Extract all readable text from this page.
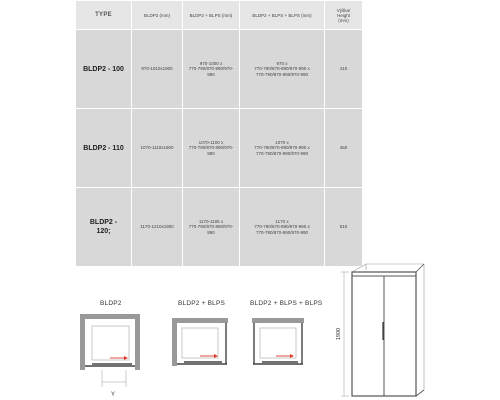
TYPE	BLDP2 (mm)	BLDP2 + BLPS (mm)	BLDP2 + BLPS + BLPS (mm)	Výška/
Height
(mm)

BLDP2 - 100	970-1010x1900	970-1000 x
770-790/870-890/970-990	970 x
770-790/870-890/970-990 x
770-790/870-890/970-990	410
BLDP2 - 110	1070-1110x1900	1070-1100 x
770-790/870-890/970-990	1070 x
770-790/870-890/970-990 x
770-790/870-890/970-990	460

BLDP2 -
120;	1170-1210x1900	1170-1195 x
770-790/870-890/970-990	1170 x
770-790/870-890/970-990 x
770-790/870-890/970-990	510
BLDP2	BLDP2 + BLPS	BLDP2 + BLPS + BLPS
Y
1900
